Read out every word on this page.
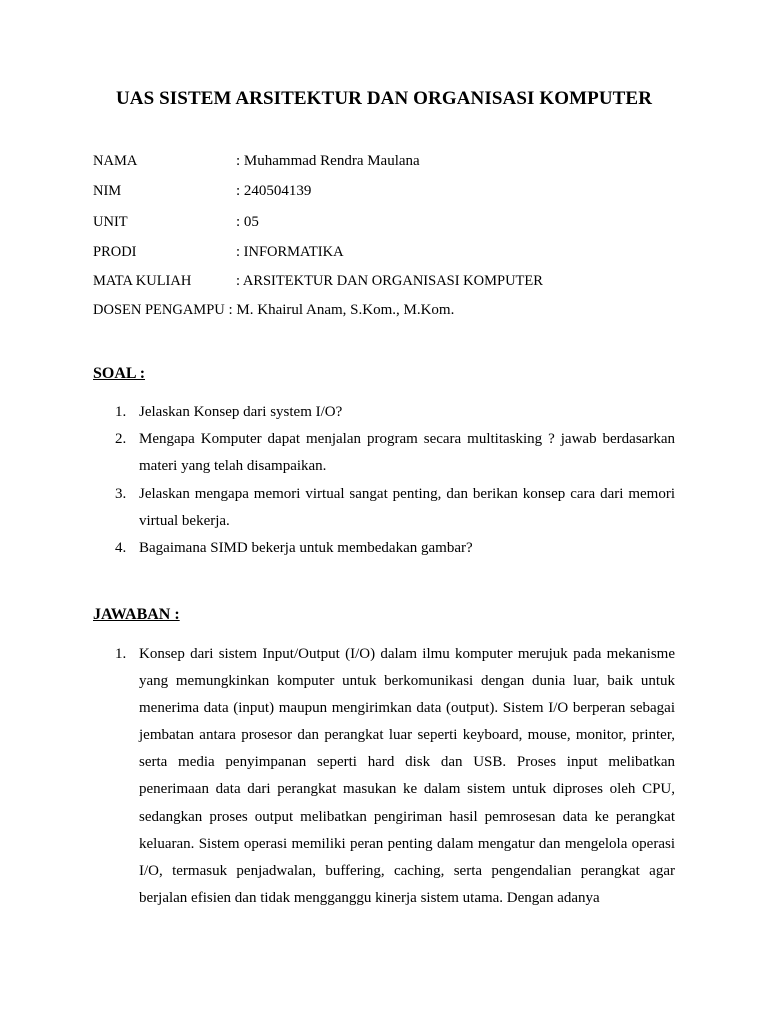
UAS SISTEM ARSITEKTUR DAN ORGANISASI KOMPUTER
NAMA	: Muhammad Rendra Maulana
NIM	: 240504139
UNIT	: 05
PRODI	: INFORMATIKA
MATA KULIAH	: ARSITEKTUR DAN ORGANISASI KOMPUTER
DOSEN PENGAMPU : M. Khairul Anam, S.Kom., M.Kom.
SOAL :
1. Jelaskan Konsep dari system I/O?
2. Mengapa Komputer dapat menjalan program secara multitasking ? jawab berdasarkan materi yang telah disampaikan.
3. Jelaskan mengapa memori virtual sangat penting, dan berikan konsep cara dari memori virtual bekerja.
4. Bagaimana SIMD bekerja untuk membedakan gambar?
JAWABAN :
1. Konsep dari sistem Input/Output (I/O) dalam ilmu komputer merujuk pada mekanisme yang memungkinkan komputer untuk berkomunikasi dengan dunia luar, baik untuk menerima data (input) maupun mengirimkan data (output). Sistem I/O berperan sebagai jembatan antara prosesor dan perangkat luar seperti keyboard, mouse, monitor, printer, serta media penyimpanan seperti hard disk dan USB. Proses input melibatkan penerimaan data dari perangkat masukan ke dalam sistem untuk diproses oleh CPU, sedangkan proses output melibatkan pengiriman hasil pemrosesan data ke perangkat keluaran. Sistem operasi memiliki peran penting dalam mengatur dan mengelola operasi I/O, termasuk penjadwalan, buffering, caching, serta pengendalian perangkat agar berjalan efisien dan tidak mengganggu kinerja sistem utama. Dengan adanya
